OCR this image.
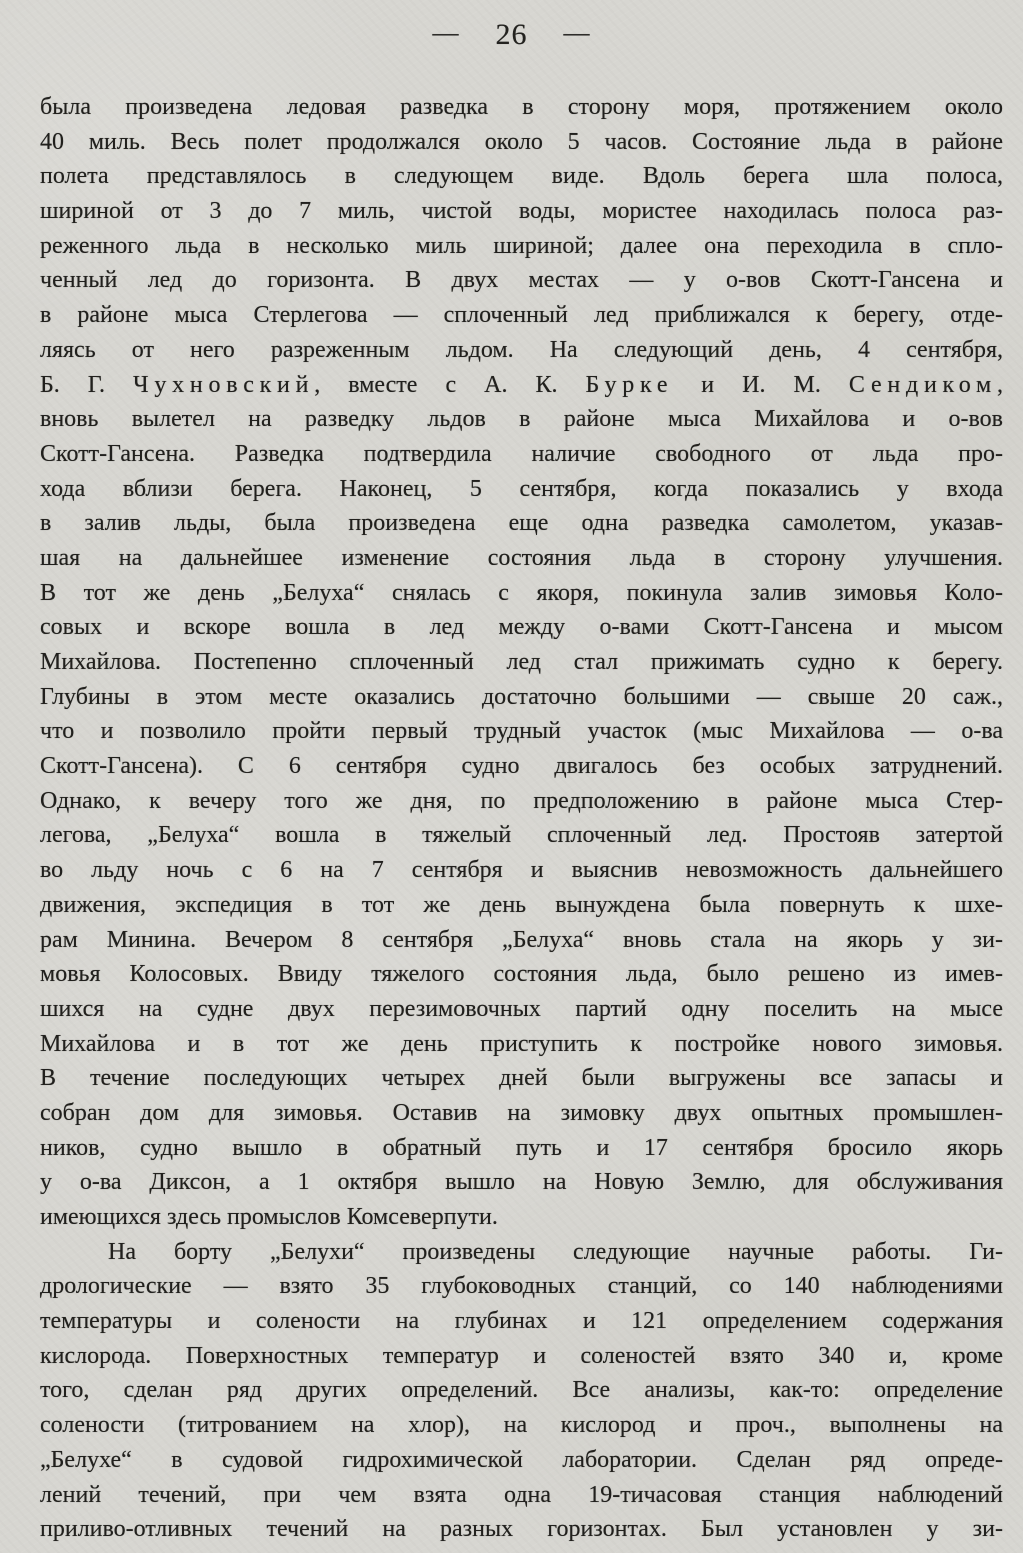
— 26 —
была произведена ледовая разведка в сторону моря, протяжением около
40 миль. Весь полет продолжался около 5 часов. Состояние льда в районе
полета представлялось в следующем виде. Вдоль берега шла полоса,
шириной от 3 до 7 миль, чистой воды, мористее находилась полоса раз-
реженного льда в несколько миль шириной; далее она переходила в спло-
ченный лед до горизонта. В двух местах — у о-вов Скотт-Гансена и
в районе мыса Стерлегова — сплоченный лед приближался к берегу, отде-
ляясь от него разреженным льдом. На следующий день, 4 сентября,
Б. Г. Чухновский, вместе с А. К. Бурке и И. М. Сендиком,
вновь вылетел на разведку льдов в районе мыса Михайлова и о-вов
Скотт-Гансена. Разведка подтвердила наличие свободного от льда про-
хода вблизи берега. Наконец, 5 сентября, когда показались у входа
в залив льды, была произведена еще одна разведка самолетом, указав-
шая на дальнейшее изменение состояния льда в сторону улучшения.
В тот же день „Белуха“ снялась с якоря, покинула залив зимовья Коло-
совых и вскоре вошла в лед между о-вами Скотт-Гансена и мысом
Михайлова. Постепенно сплоченный лед стал прижимать судно к берегу.
Глубины в этом месте оказались достаточно большими — свыше 20 саж.,
что и позволило пройти первый трудный участок (мыс Михайлова — о-ва
Скотт-Гансена). С 6 сентября судно двигалось без особых затруднений.
Однако, к вечеру того же дня, по предположению в районе мыса Стер-
легова, „Белуха“ вошла в тяжелый сплоченный лед. Простояв затертой
во льду ночь с 6 на 7 сентября и выяснив невозможность дальнейшего
движения, экспедиция в тот же день вынуждена была повернуть к шхе-
рам Минина. Вечером 8 сентября „Белуха“ вновь стала на якорь у зи-
мовья Колосовых. Ввиду тяжелого состояния льда, было решено из имев-
шихся на судне двух перезимовочных партий одну поселить на мысе
Михайлова и в тот же день приступить к постройке нового зимовья.
В течение последующих четырех дней были выгружены все запасы и
собран дом для зимовья. Оставив на зимовку двух опытных промышлен-
ников, судно вышло в обратный путь и 17 сентября бросило якорь
у о-ва Диксон, а 1 октября вышло на Новую Землю, для обслуживания
имеющихся здесь промыслов Комсеверпути.
На борту „Белухи“ произведены следующие научные работы. Ги-
дрологические — взято 35 глубоководных станций, со 140 наблюдениями
температуры и солености на глубинах и 121 определением содержания
кислорода. Поверхностных температур и соленостей взято 340 и, кроме
того, сделан ряд других определений. Все анализы, как-то: определение
солености (титрованием на хлор), на кислород и проч., выполнены на
„Белухе“ в судовой гидрохимической лаборатории. Сделан ряд опреде-
лений течений, при чем взята одна 19-тичасовая станция наблюдений
приливо-отливных течений на разных горизонтах. Был установлен у зи-
